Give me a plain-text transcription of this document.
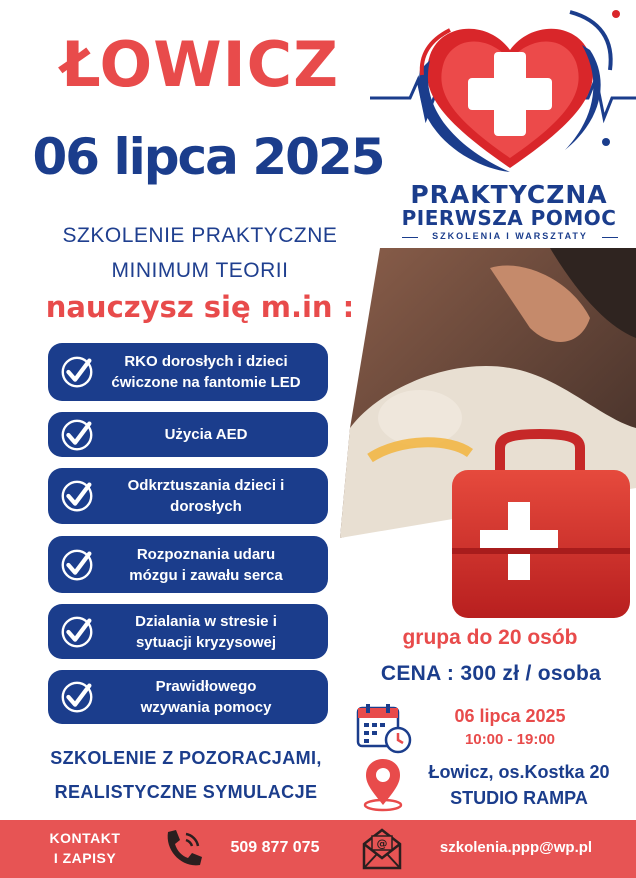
ŁOWICZ
06 lipca 2025
SZKOLENIE PRAKTYCZNE
MINIMUM TEORII
nauczysz się m.in :
RKO dorosłych i dzieci
ćwiczone na fantomie LED
Użycia AED
Odkrztuszania dzieci i
dorosłych
Rozpoznania udaru
mózgu i zawału serca
Dzialania w stresie i
sytuacji kryzysowej
Prawidłowego
wzywania pomocy
SZKOLENIE Z POZORACJAMI,
REALISTYCZNE SYMULACJE
PRAKTYCZNA
PIERWSZA POMOC
SZKOLENIA I WARSZTATY
grupa do 20 osób
CENA : 300 zł / osoba
06 lipca 2025
10:00 - 19:00
Łowicz, os.Kostka 20
STUDIO RAMPA
KONTAKT
I ZAPISY
509 877 075	@	szkolenia.ppp@wp.pl
